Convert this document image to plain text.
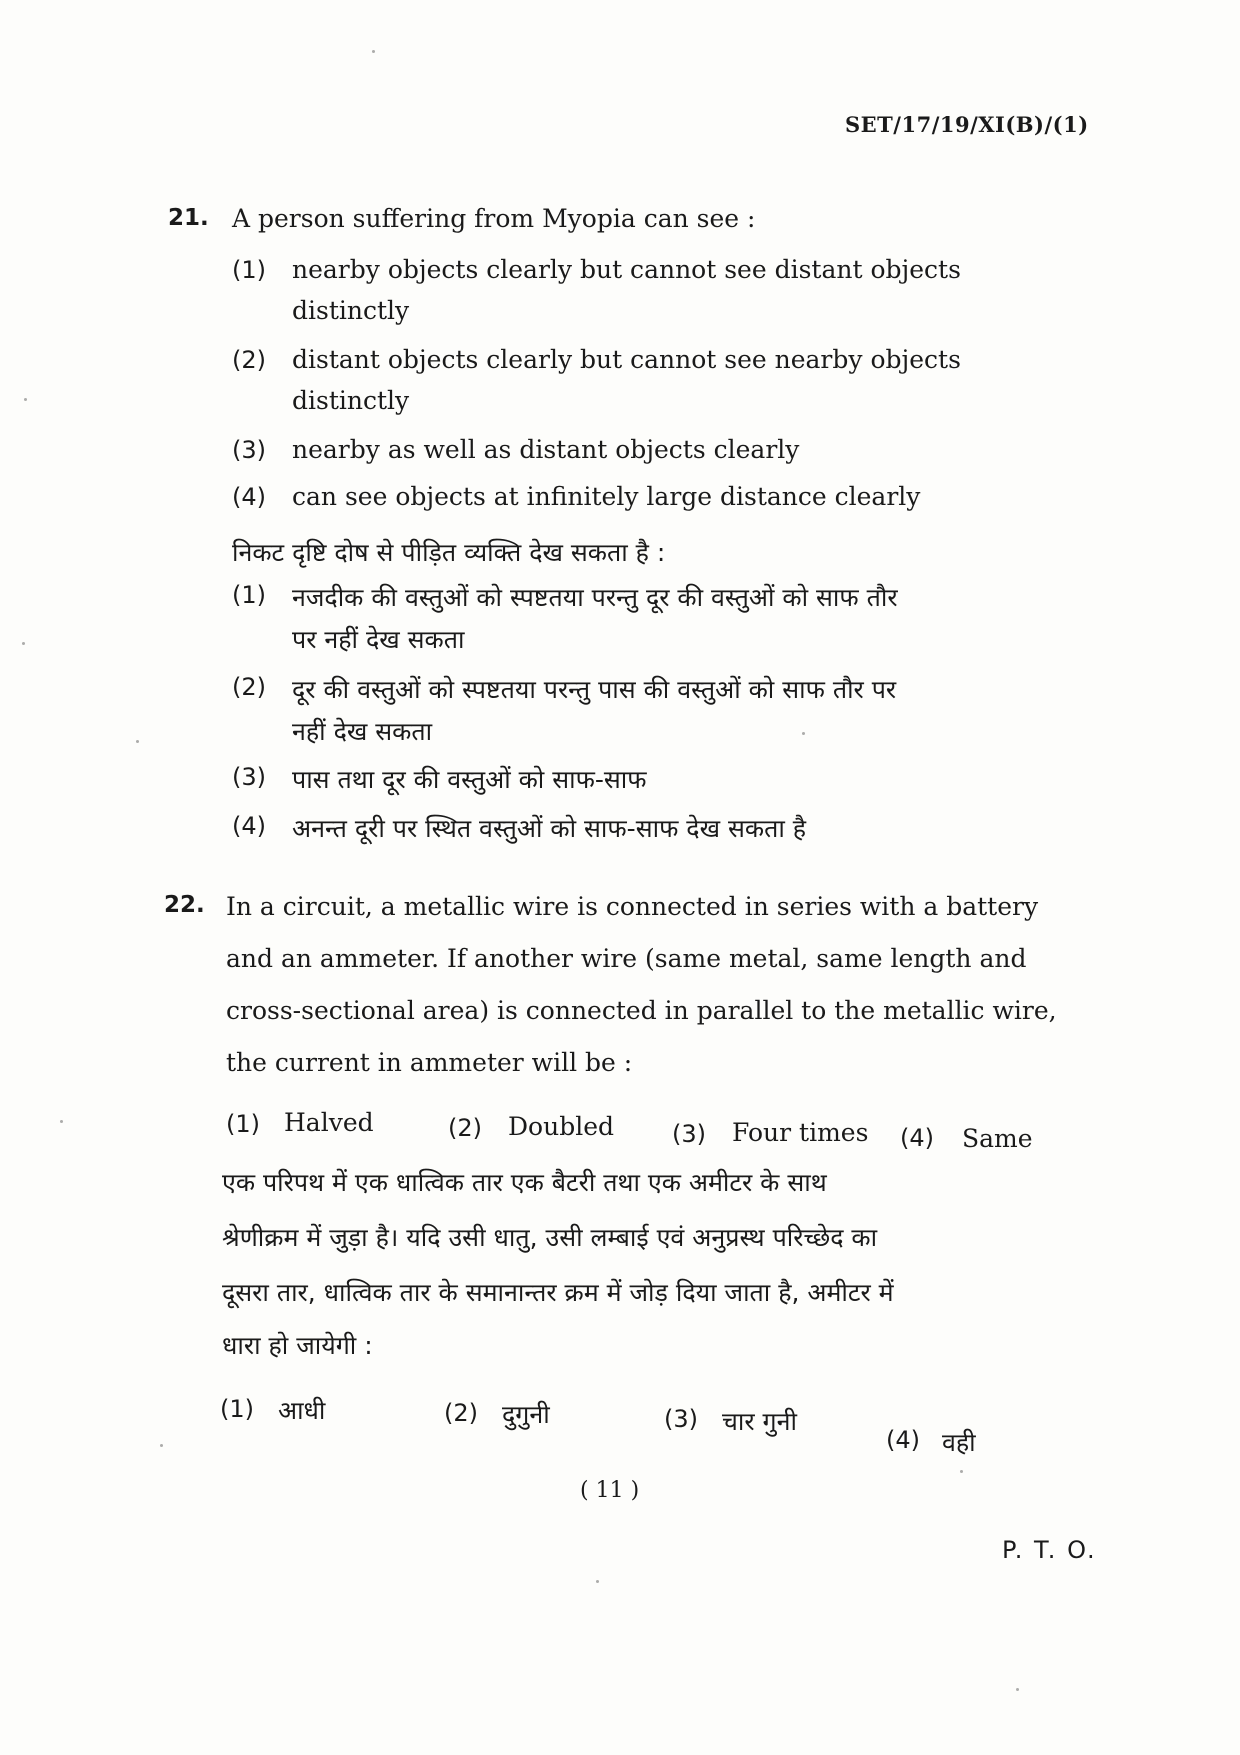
SET/17/19/XI(B)/(1)
21. A person suffering from Myopia can see :
(1) nearby objects clearly but cannot see distant objects
distinctly
(2) distant objects clearly but cannot see nearby objects
distinctly
(3) nearby as well as distant objects clearly
(4) can see objects at infinitely large distance clearly
निकट दृष्टि दोष से पीड़ित व्यक्ति देख सकता है :
(1) नजदीक की वस्तुओं को स्पष्टतया परन्तु दूर की वस्तुओं को साफ तौर
पर नहीं देख सकता
(2) दूर की वस्तुओं को स्पष्टतया परन्तु पास की वस्तुओं को साफ तौर पर
नहीं देख सकता
(3) पास तथा दूर की वस्तुओं को साफ-साफ
(4) अनन्त दूरी पर स्थित वस्तुओं को साफ-साफ देख सकता है
22. In a circuit, a metallic wire is connected in series with a battery
and an ammeter. If another wire (same metal, same length and
cross-sectional area) is connected in parallel to the metallic wire,
the current in ammeter will be :
(1) Halved	(2) Doubled (3) Four times (4) Same
एक परिपथ में एक धात्विक तार एक बैटरी तथा एक अमीटर के साथ
श्रेणीक्रम में जुड़ा है। यदि उसी धातु, उसी लम्बाई एवं अनुप्रस्थ परिच्छेद का
दूसरा तार, धात्विक तार के समानान्तर क्रम में जोड़ दिया जाता है, अमीटर में
धारा हो जायेगी :
(1) आधी	(2) दुगुनी	(3) चार गुनी
(4) वही
( 11 )
P. T. O.
